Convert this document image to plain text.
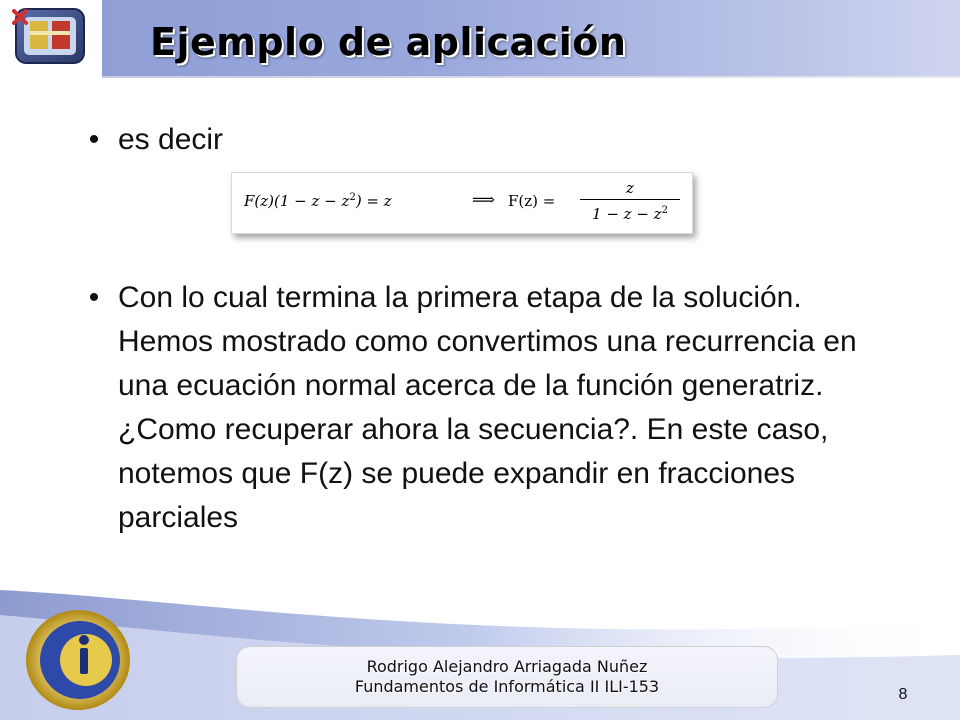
Ejemplo de aplicación
• es decir
$F(z)(1 - z - z^2) = z$	⟹ F(z) =
z
$1 - z - z^2$
• Con lo cual termina la primera etapa de la solución. Hemos mostrado como convertimos una recurrencia en una ecuación normal acerca de la función generatriz. ¿Como recuperar ahora la secuencia?. En este caso, notemos que F(z) se puede expandir en fracciones parciales
Rodrigo Alejandro Arriagada Nuñez
Fundamentos de Informática II ILI-153	8
